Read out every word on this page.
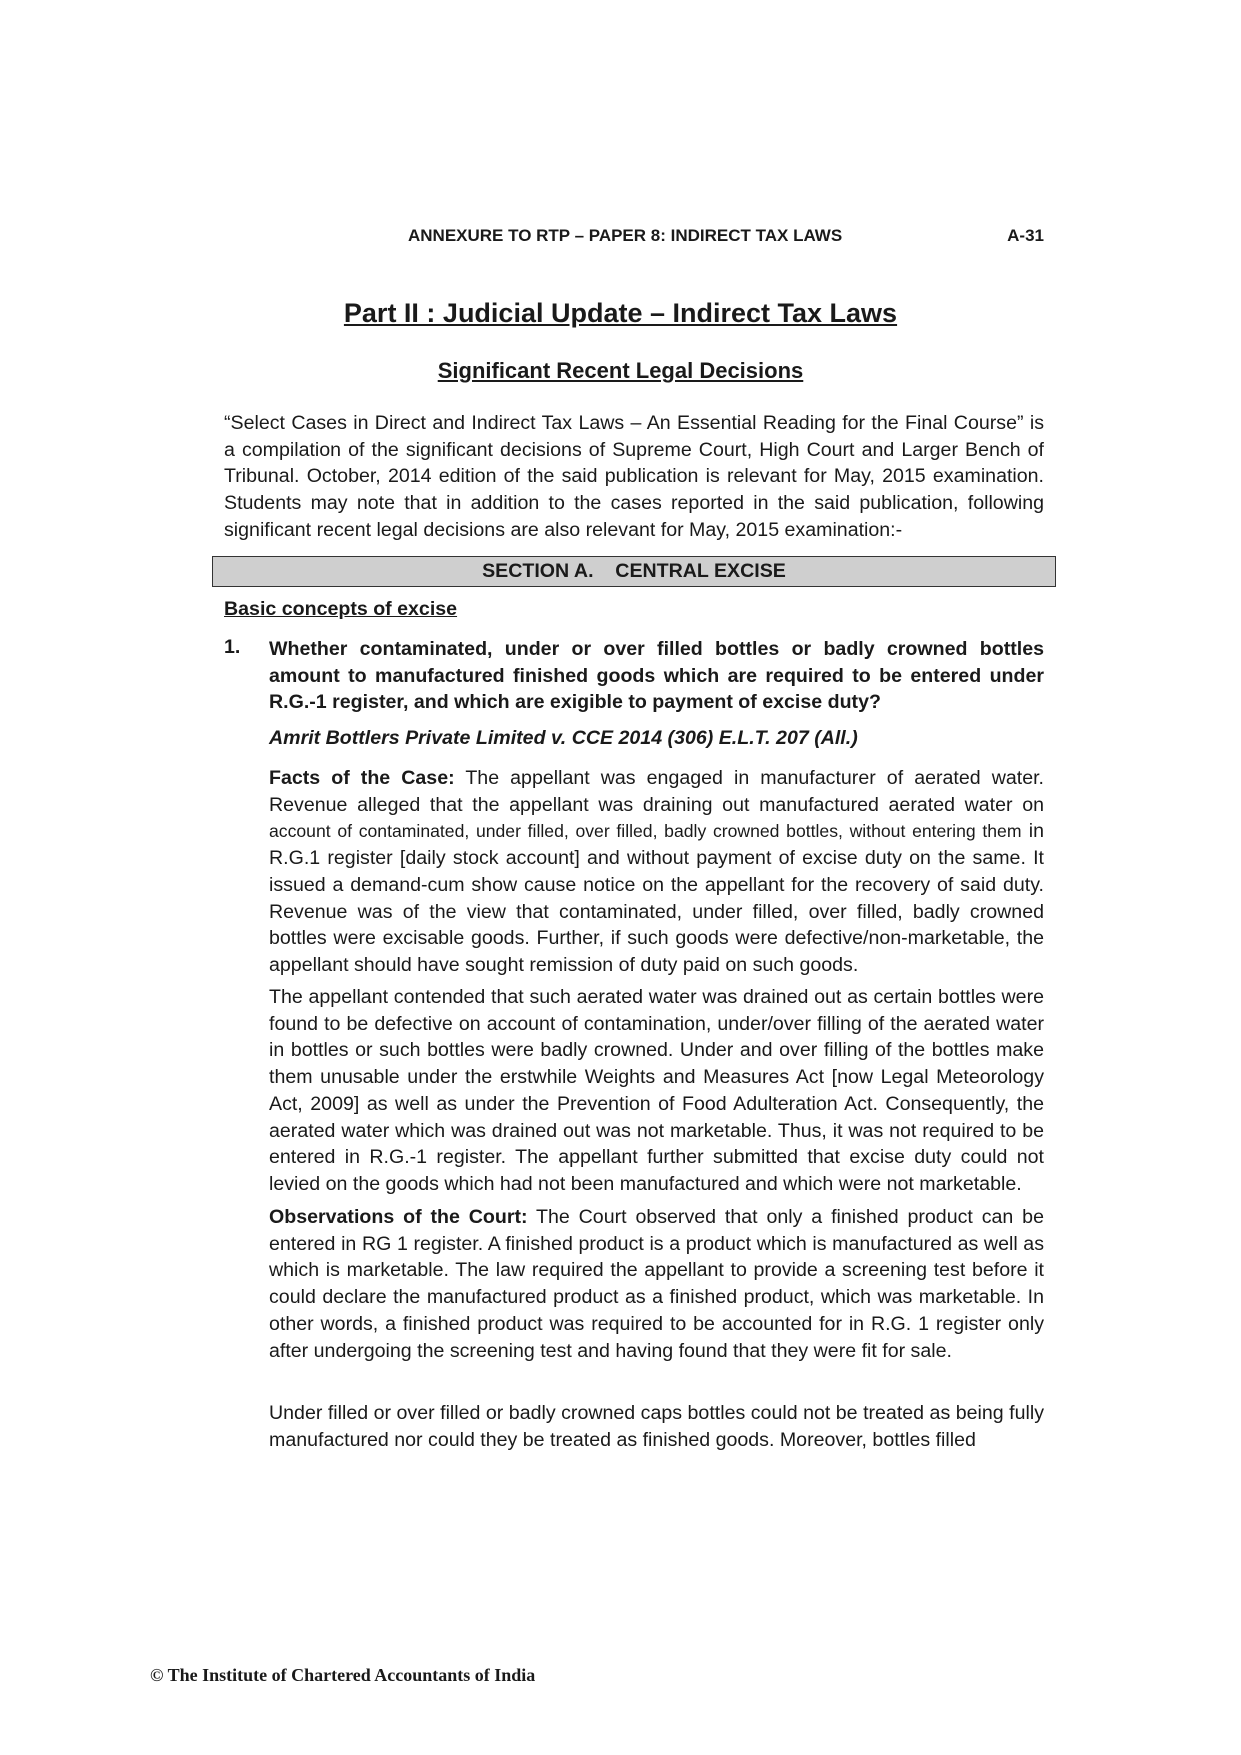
ANNEXURE TO RTP – PAPER 8: INDIRECT TAX LAWS	A-31
Part II : Judicial Update – Indirect Tax Laws
Significant Recent Legal Decisions
“Select Cases in Direct and Indirect Tax Laws – An Essential Reading for the Final Course” is a compilation of the significant decisions of Supreme Court, High Court and Larger Bench of Tribunal. October, 2014 edition of the said publication is relevant for May, 2015 examination. Students may note that in addition to the cases reported in the said publication, following significant recent legal decisions are also relevant for May, 2015 examination:-
SECTION A. CENTRAL EXCISE
Basic concepts of excise
1. Whether contaminated, under or over filled bottles or badly crowned bottles amount to manufactured finished goods which are required to be entered under R.G.-1 register, and which are exigible to payment of excise duty?
Amrit Bottlers Private Limited v. CCE 2014 (306) E.L.T. 207 (All.)
Facts of the Case: The appellant was engaged in manufacturer of aerated water. Revenue alleged that the appellant was draining out manufactured aerated water on account of contaminated, under filled, over filled, badly crowned bottles, without entering them in R.G.1 register [daily stock account] and without payment of excise duty on the same. It issued a demand-cum show cause notice on the appellant for the recovery of said duty. Revenue was of the view that contaminated, under filled, over filled, badly crowned bottles were excisable goods. Further, if such goods were defective/non-marketable, the appellant should have sought remission of duty paid on such goods.
The appellant contended that such aerated water was drained out as certain bottles were found to be defective on account of contamination, under/over filling of the aerated water in bottles or such bottles were badly crowned. Under and over filling of the bottles make them unusable under the erstwhile Weights and Measures Act [now Legal Meteorology Act, 2009] as well as under the Prevention of Food Adulteration Act. Consequently, the aerated water which was drained out was not marketable. Thus, it was not required to be entered in R.G.-1 register. The appellant further submitted that excise duty could not levied on the goods which had not been manufactured and which were not marketable.
Observations of the Court: The Court observed that only a finished product can be entered in RG 1 register. A finished product is a product which is manufactured as well as which is marketable. The law required the appellant to provide a screening test before it could declare the manufactured product as a finished product, which was marketable. In other words, a finished product was required to be accounted for in R.G. 1 register only after undergoing the screening test and having found that they were fit for sale.
Under filled or over filled or badly crowned caps bottles could not be treated as being fully manufactured nor could they be treated as finished goods. Moreover, bottles filled
© The Institute of Chartered Accountants of India
